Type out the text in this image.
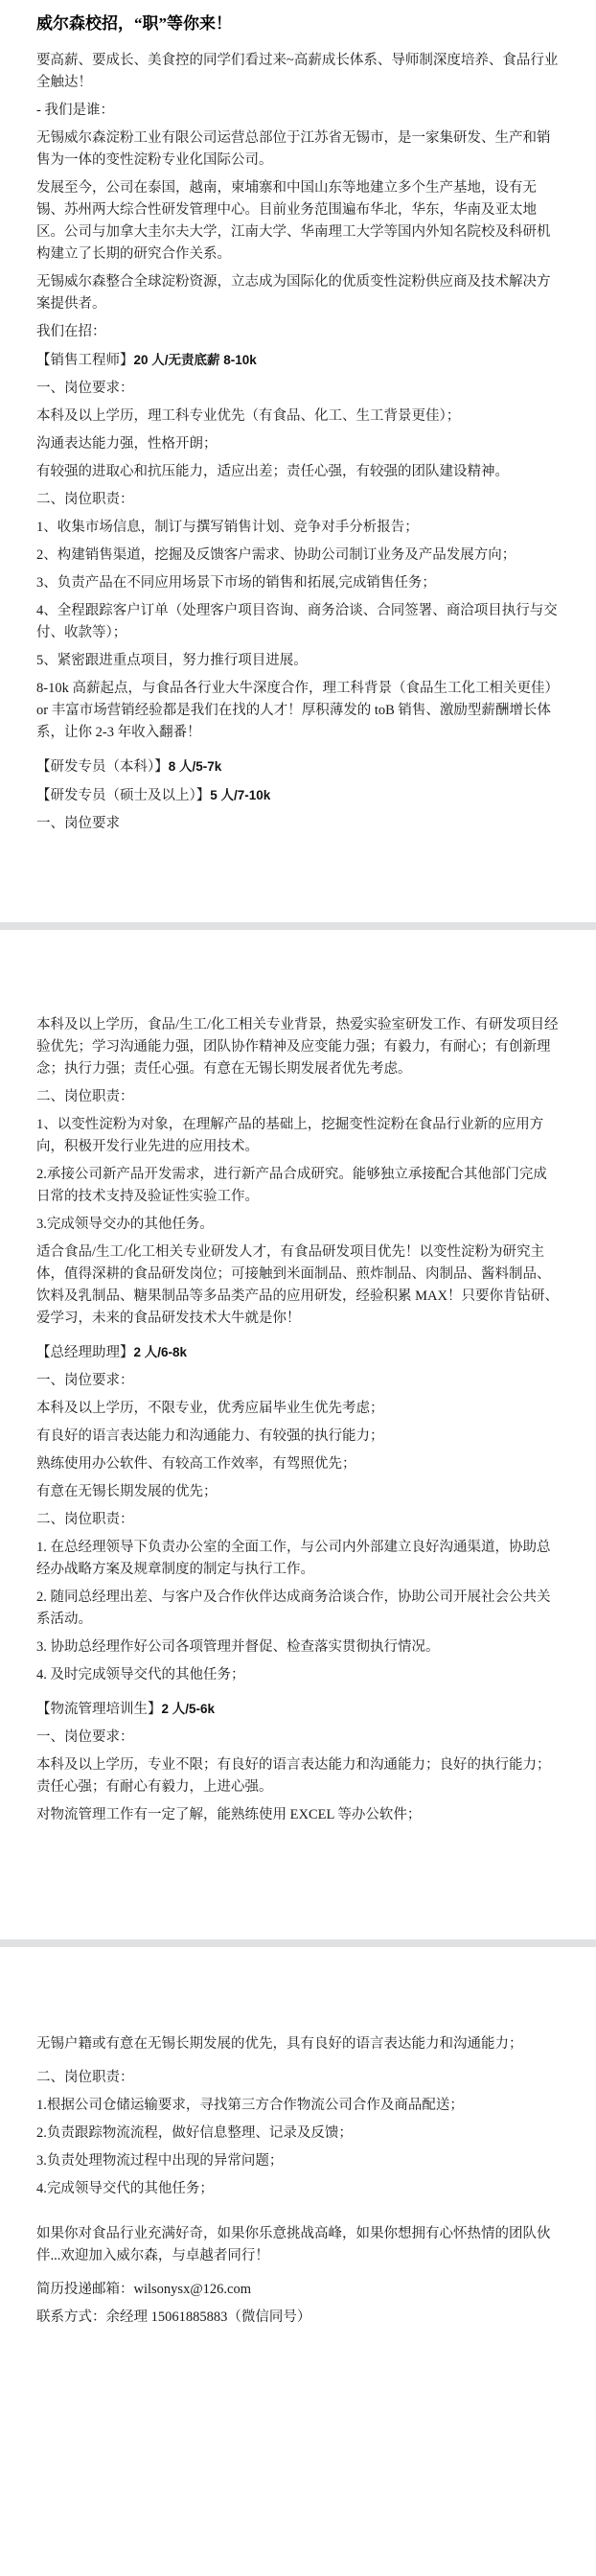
威尔森校招，“职”等你来！

要高薪、要成长、美食控的同学们看过来~高薪成长体系、导师制深度培养、食品行业全触达！

- 我们是谁：

无锡威尔森淀粉工业有限公司运营总部位于江苏省无锡市，是一家集研发、生产和销售为一体的变性淀粉专业化国际公司。

发展至今，公司在泰国，越南，柬埔寨和中国山东等地建立多个生产基地，设有无锡、苏州两大综合性研发管理中心。目前业务范围遍布华北，华东，华南及亚太地区。公司与加拿大圭尔夫大学，江南大学、华南理工大学等国内外知名院校及科研机构建立了长期的研究合作关系。

无锡威尔森整合全球淀粉资源，立志成为国际化的优质变性淀粉供应商及技术解决方案提供者。

我们在招：

【销售工程师】20 人/无责底薪 8-10k

一、岗位要求：

本科及以上学历，理工科专业优先（有食品、化工、生工背景更佳）；

沟通表达能力强，性格开朗；

有较强的进取心和抗压能力，适应出差；责任心强，有较强的团队建设精神。

二、岗位职责：

1、收集市场信息，制订与撰写销售计划、竞争对手分析报告；

2、构建销售渠道，挖掘及反馈客户需求、协助公司制订业务及产品发展方向；

3、负责产品在不同应用场景下市场的销售和拓展,完成销售任务；

4、全程跟踪客户订单（处理客户项目咨询、商务洽谈、合同签署、商洽项目执行与交付、收款等）；

5、紧密跟进重点项目，努力推行项目进展。

8-10k 高薪起点，与食品各行业大牛深度合作，理工科背景（食品生工化工相关更佳）or 丰富市场营销经验都是我们在找的人才！厚积薄发的 toB 销售、激励型薪酬增长体系，让你 2-3 年收入翻番！

【研发专员（本科）】8 人/5-7k

【研发专员（硕士及以上）】5 人/7-10k

一、岗位要求

本科及以上学历，食品/生工/化工相关专业背景，热爱实验室研发工作、有研发项目经验优先；学习沟通能力强，团队协作精神及应变能力强；有毅力，有耐心；有创新理念；执行力强；责任心强。有意在无锡长期发展者优先考虑。

二、岗位职责：

1、以变性淀粉为对象，在理解产品的基础上，挖掘变性淀粉在食品行业新的应用方向，积极开发行业先进的应用技术。

2.承接公司新产品开发需求，进行新产品合成研究。能够独立承接配合其他部门完成日常的技术支持及验证性实验工作。

3.完成领导交办的其他任务。

适合食品/生工/化工相关专业研发人才，有食品研发项目优先！以变性淀粉为研究主体，值得深耕的食品研发岗位；可接触到米面制品、煎炸制品、肉制品、酱料制品、饮料及乳制品、糖果制品等多品类产品的应用研发，经验积累 MAX！只要你肯钻研、爱学习，未来的食品研发技术大牛就是你！

【总经理助理】2 人/6-8k

一、岗位要求：

本科及以上学历，不限专业，优秀应届毕业生优先考虑；

有良好的语言表达能力和沟通能力、有较强的执行能力；

熟练使用办公软件、有较高工作效率，有驾照优先；

有意在无锡长期发展的优先；

二、岗位职责：

1. 在总经理领导下负责办公室的全面工作，与公司内外部建立良好沟通渠道，协助总经办战略方案及规章制度的制定与执行工作。

2. 随同总经理出差、与客户及合作伙伴达成商务洽谈合作，协助公司开展社会公共关系活动。

3. 协助总经理作好公司各项管理并督促、检查落实贯彻执行情况。

4. 及时完成领导交代的其他任务；

【物流管理培训生】2 人/5-6k

一、岗位要求：

本科及以上学历，专业不限；有良好的语言表达能力和沟通能力；良好的执行能力；责任心强；有耐心有毅力，上进心强。

对物流管理工作有一定了解，能熟练使用 EXCEL 等办公软件；

无锡户籍或有意在无锡长期发展的优先，具有良好的语言表达能力和沟通能力；

二、岗位职责：

1.根据公司仓储运输要求，寻找第三方合作物流公司合作及商品配送；

2.负责跟踪物流流程，做好信息整理、记录及反馈；

3.负责处理物流过程中出现的异常问题；

4.完成领导交代的其他任务；

如果你对食品行业充满好奇，如果你乐意挑战高峰，如果你想拥有心怀热情的团队伙伴...欢迎加入威尔森，与卓越者同行！

简历投递邮箱：wilsonysx@126.com

联系方式：余经理 15061885883（微信同号）
